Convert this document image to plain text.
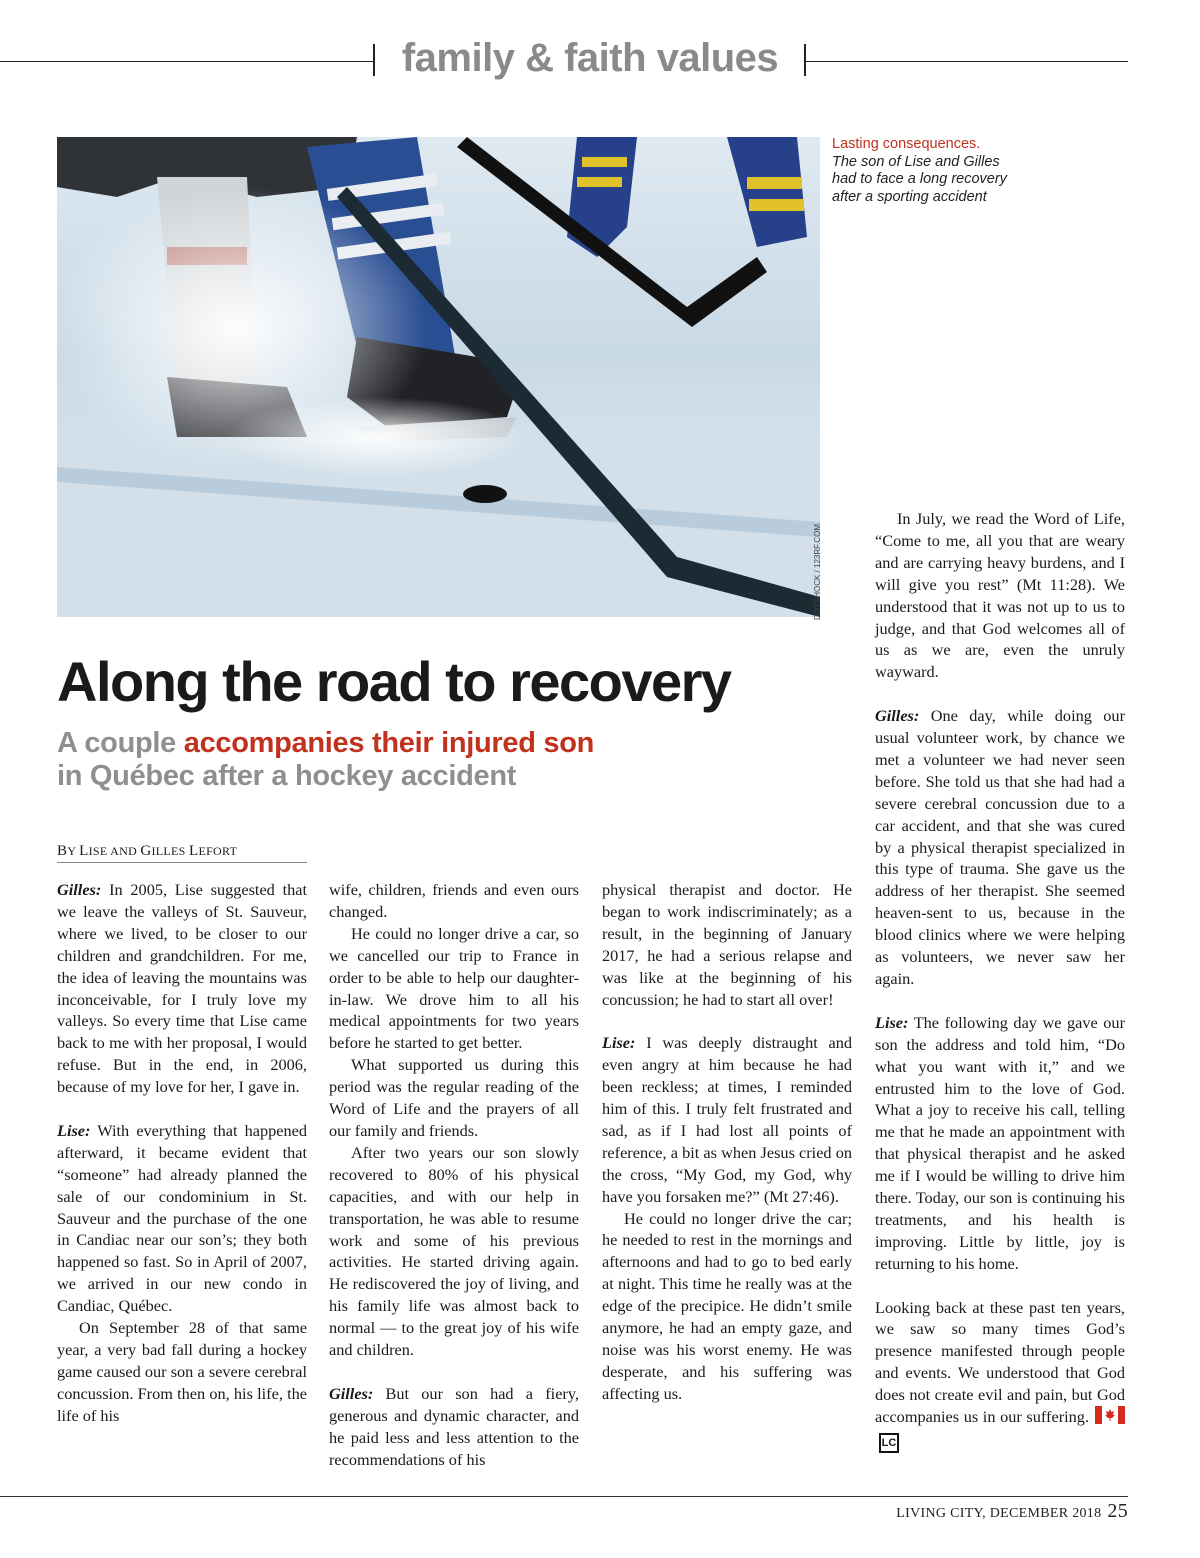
family & faith values
DOTSHOCK / 123RF.COM
Lasting consequences.
The son of Lise and Gilles had to face a long recovery after a sporting accident
Along the road to recovery
A couple accompanies their injured son
in Québec after a hockey accident
BY LISE AND GILLES LEFORT

Gilles: In 2005, Lise suggested that we leave the valleys of St. Sauveur, where we lived, to be closer to our children and grandchildren. For me, the idea of leaving the mountains was inconceivable, for I truly love my valleys. So every time that Lise came back to me with her proposal, I would refuse. But in the end, in 2006, because of my love for her, I gave in.

Lise: With everything that happened afterward, it became evident that “someone” had already planned the sale of our condominium in St. Sauveur and the purchase of the one in Candiac near our son’s; they both happened so fast. So in April of 2007, we arrived in our new condo in Candiac, Québec.

On September 28 of that same year, a very bad fall during a hockey game caused our son a severe cerebral concussion. From then on, his life, the life of his

wife, children, friends and even ours changed.

He could no longer drive a car, so we cancelled our trip to France in order to be able to help our daughter-in-law. We drove him to all his medical appointments for two years before he started to get better.

What supported us during this period was the regular reading of the Word of Life and the prayers of all our family and friends.

After two years our son slowly recovered to 80% of his physical capacities, and with our help in transportation, he was able to resume work and some of his previous activities. He started driving again. He rediscovered the joy of living, and his family life was almost back to normal — to the great joy of his wife and children.

Gilles: But our son had a fiery, generous and dynamic character, and he paid less and less attention to the recommendations of his

physical therapist and doctor. He began to work indiscriminately; as a result, in the beginning of January 2017, he had a serious relapse and was like at the beginning of his concussion; he had to start all over!

Lise: I was deeply distraught and even angry at him because he had been reckless; at times, I reminded him of this. I truly felt frustrated and sad, as if I had lost all points of reference, a bit as when Jesus cried on the cross, “My God, my God, why have you forsaken me?” (Mt 27:46).

He could no longer drive the car; he needed to rest in the mornings and afternoons and had to go to bed early at night. This time he really was at the edge of the precipice. He didn’t smile anymore, he had an empty gaze, and noise was his worst enemy. He was desperate, and his suffering was affecting us.

In July, we read the Word of Life, “Come to me, all you that are weary and are carrying heavy burdens, and I will give you rest” (Mt 11:28). We understood that it was not up to us to judge, and that God welcomes all of us as we are, even the unruly wayward.

Gilles: One day, while doing our usual volunteer work, by chance we met a volunteer we had never seen before. She told us that she had had a severe cerebral concussion due to a car accident, and that she was cured by a physical therapist specialized in this type of trauma. She gave us the address of her therapist. She seemed heaven-sent to us, because in the blood clinics where we were helping as volunteers, we never saw her again.

Lise: The following day we gave our son the address and told him, “Do what you want with it,” and we entrusted him to the love of God. What a joy to receive his call, telling me that he made an appointment with that physical therapist and he asked me if I would be willing to drive him there. Today, our son is continuing his treatments, and his health is improving. Little by little, joy is returning to his home.

Looking back at these past ten years, we saw so many times God’s presence manifested through people and events. We understood that God does not create evil and pain, but God accompanies us in our suffering.LC

LIVING CITY, DECEMBER 2018 25
